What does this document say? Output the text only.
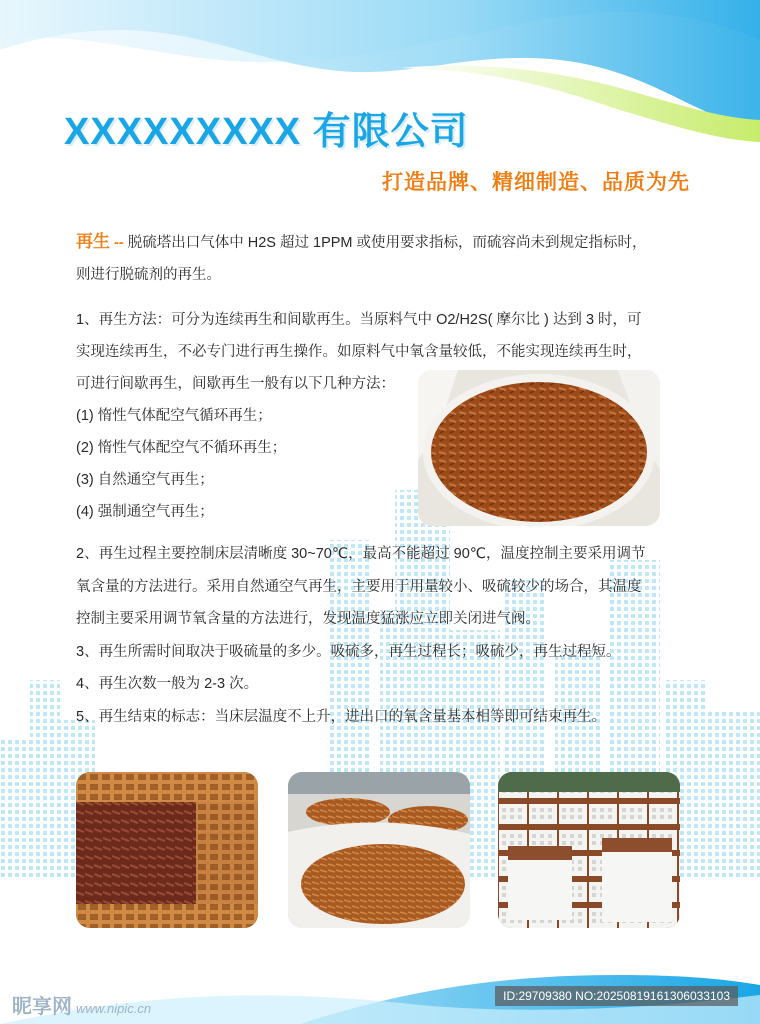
XXXXXXXXX 有限公司
打造品牌、精细制造、品质为先

再生 -- 脱硫塔出口气体中 H2S 超过 1PPM 或使用要求指标，而硫容尚未到规定指标时，

则进行脱硫剂的再生。

1、再生方法：可分为连续再生和间歇再生。当原料气中 O2/H2S( 摩尔比 ) 达到 3 时，可

实现连续再生，不必专门进行再生操作。如原料气中氧含量较低，不能实现连续再生时，

可进行间歇再生，间歇再生一般有以下几种方法：

(1) 惰性气体配空气循环再生；

(2) 惰性气体配空气不循环再生；

(3) 自然通空气再生；

(4) 强制通空气再生；

2、再生过程主要控制床层清晰度 30~70℃，最高不能超过 90℃，温度控制主要采用调节

氧含量的方法进行。采用自然通空气再生，主要用于用量较小、吸硫较少的场合，其温度

控制主要采用调节氧含量的方法进行，发现温度猛涨应立即关闭进气阀。

3、再生所需时间取决于吸硫量的多少。吸硫多，再生过程长；吸硫少，再生过程短。

4、再生次数一般为 2-3 次。

5、再生结束的标志：当床层温度不上升，进出口的氧含量基本相等即可结束再生。

昵享网 www.nipic.cn
ID:29709380 NO:20250819161306033103
